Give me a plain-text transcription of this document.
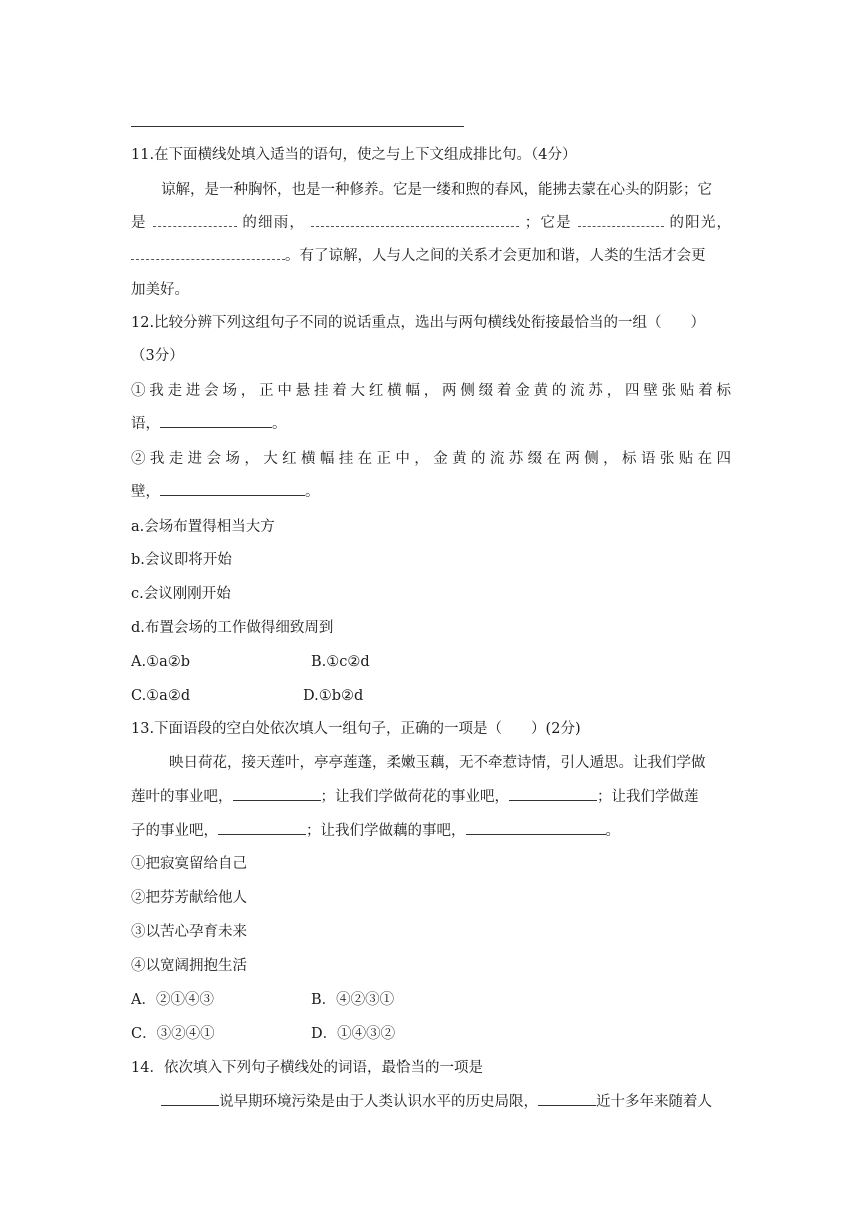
11.在下面横线处填入适当的语句，使之与上下文组成排比句。（4分）
谅解，是一种胸怀，也是一种修养。它是一缕和煦的春风，能拂去蒙在心头的阴影；它
是	的细雨，	；它是	的阳光，
。有了谅解，人与人之间的关系才会更加和谐，人类的生活才会更
加美好。
12.比较分辨下列这组句子不同的说话重点，选出与两句横线处衔接最恰当的一组（　　）
（3分）
①我走进会场，正中悬挂着大红横幅，两侧缀着金黄的流苏，四壁张贴着标
语，	。
②我走进会场，大红横幅挂在正中，金黄的流苏缀在两侧，标语张贴在四
壁，	。
a.会场布置得相当大方
b.会议即将开始
c.会议刚刚开始
d.布置会场的工作做得细致周到
A.①a②b	B.①c②d
C.①a②d	D.①b②d
13.下面语段的空白处依次填人一组句子，正确的一项是（　　）(2分)
映日荷花，接天莲叶，亭亭莲蓬，柔嫩玉藕，无不牵惹诗情，引人遁思。让我们学做
莲叶的事业吧，	；让我们学做荷花的事业吧，	；让我们学做莲
子的事业吧，	；让我们学做藕的事吧，	。
①把寂寞留给自己
②把芬芳献给他人
③以苦心孕育未来
④以宽阔拥抱生活
A．②①④③	B．④②③①
C．③②④①	D．①④③②
14．依次填入下列句子横线处的词语，最恰当的一项是
说早期环境污染是由于人类认识水平的历史局限，	近十多年来随着人
